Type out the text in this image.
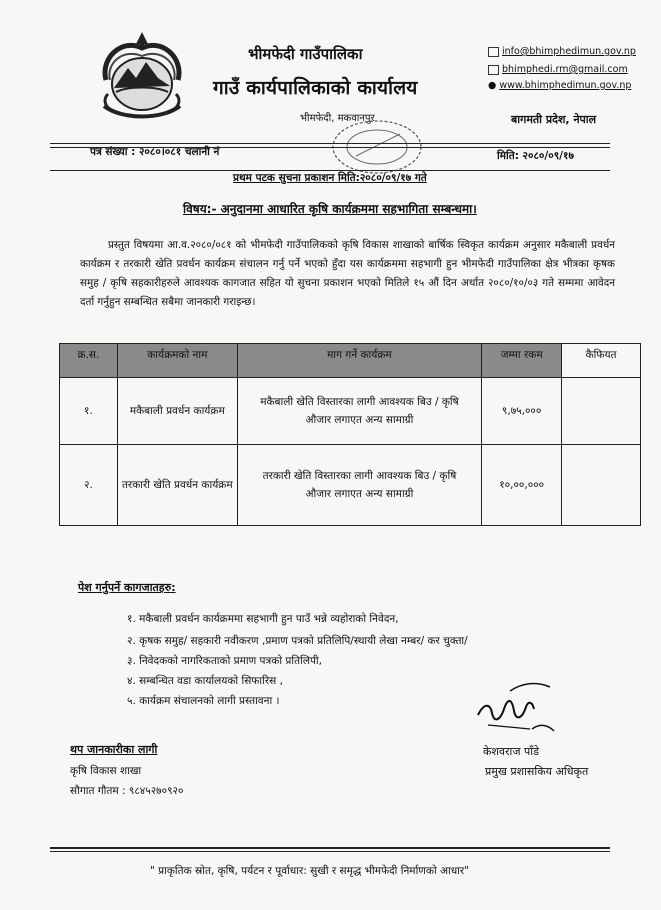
भीमफेदी गाउँपालिका
गाउँ कार्यपालिकाको कार्यालय
भीमफेदी, मकवानपुर
info@bhimphedimun.gov.np
bhimphedi.rm@gmail.com
● www.bhimphedimun.gov.np
बागमती प्रदेश, नेपाल
पत्र संख्या : २०८०।०८१ चलानी नं	मिति: २०८०/०९/१७
प्रथम पटक सुचना प्रकाशन मिति:२०८०/०९/१७ गते
विषय:- अनुदानमा आधारित कृषि कार्यक्रममा सहभागिता सम्बन्धमा।
प्रस्तुत विषयमा आ.व.२०८०/०८१ को भीमफेदी गाउँपालिकको कृषि विकास शाखाको बार्षिक स्विकृत कार्यक्रम अनुसार मकैबाली प्रवर्धन कार्यक्रम र तरकारी खेति प्रवर्धन कार्यक्रम संचालन गर्नु पर्ने भएको हुँदा यस कार्यक्रममा सहभागी हुन भीमफेदी गाउँपालिका क्षेत्र भीत्रका कृषक समुह / कृषि सहकारीहरुले आवश्यक कागजात सहित यो सुचना प्रकाशन भएको मितिले १५ औं दिन अर्थात २०८०/१०/०३ गते सम्ममा आवेदन दर्ता गर्नुहुन सम्बन्धित सबैमा जानकारी गराइन्छ।
क्र.स.	कार्यक्रमको नाम	माग गर्ने कार्यक्रम	जम्मा रकम	कैफियत
१.	मकैबाली प्रवर्धन कार्यक्रम	मकैबाली खेति विस्तारका लागी आवश्यक बिउ / कृषि औजार लगाएत अन्य सामाग्री	९,७५,०००	
२.	तरकारी खेति प्रवर्धन कार्यक्रम	तरकारी खेति विस्तारका लागी आवश्यक बिउ / कृषि औजार लगाएत अन्य सामाग्री	१०,००,०००	
पेश गर्नुपर्ने कागजातहरु:
१. मकैबाली प्रवर्धन कार्यक्रममा सहभागी हुन पाउँ भन्ने व्यहोराको निवेदन,
२. कृषक समुह/ सहकारी नवीकरण ,प्रमाण पत्रको प्रतिलिपि/स्थायी लेखा नम्बर/ कर चुक्ता/
३. निवेदकको नागरिकताको प्रमाण पत्रको प्रतिलिपी,
४. सम्बन्धित वडा कार्यालयको सिफारिस ,
५. कार्यक्रम संचालनको लागी प्रस्तावना ।
थप जानकारीका लागी
कृषि विकास शाखा
सौगात गौतम : ९८४५२७०९२०
केशवराज पाँडे
प्रमुख प्रशासकिय अधिकृत
" प्राकृतिक स्रोत, कृषि, पर्यटन र पूर्वाधार: सुखी र समृद्ध भीमफेदी निर्माणको आधार"
